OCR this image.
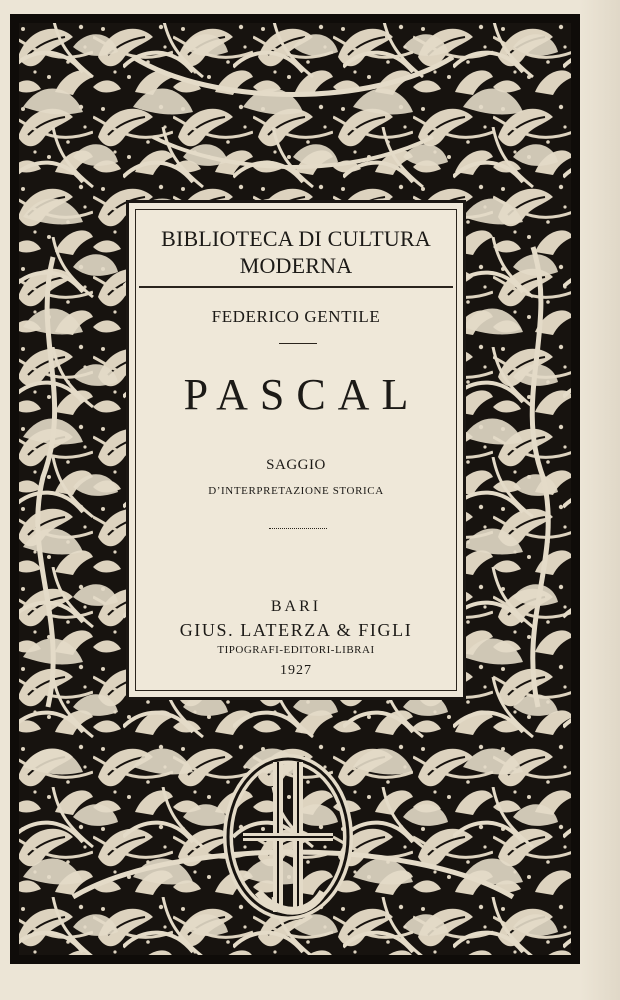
BIBLIOTECA DI CULTURA
MODERNA
FEDERICO GENTILE
PASCAL
SAGGIO
D’INTERPRETAZIONE STORICA
BARI
GIUS. LATERZA & FIGLI
TIPOGRAFI-EDITORI-LIBRAI
1927
